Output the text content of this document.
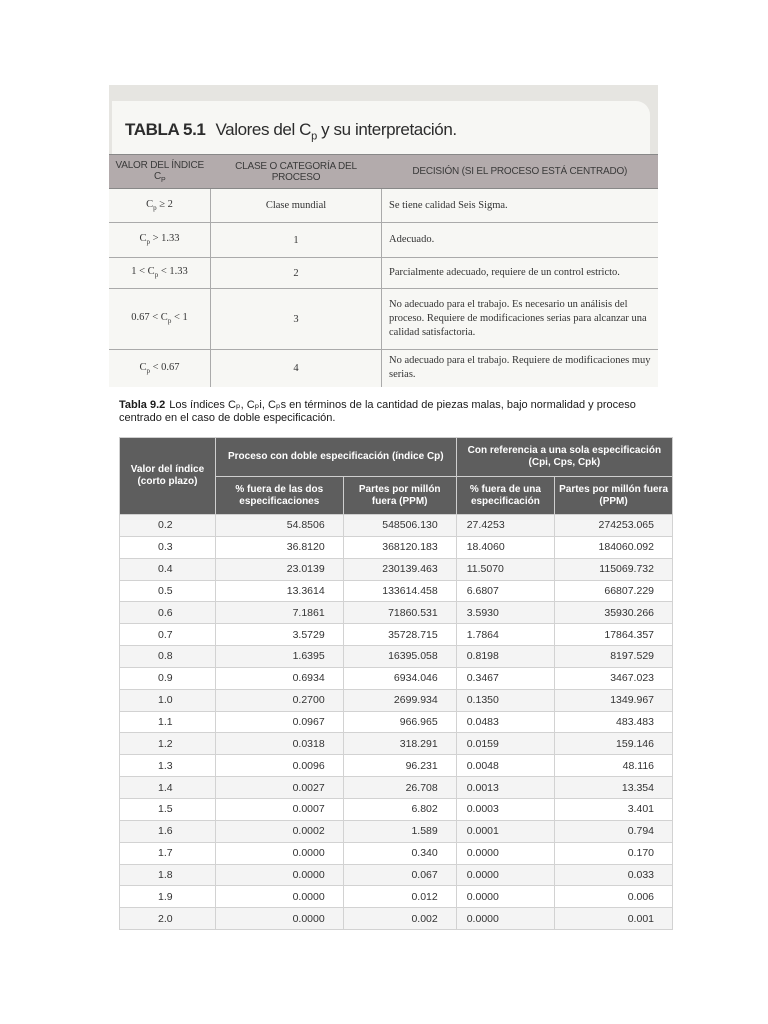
TABLA 5.1 Valores del $C_p$ y su interpretación.
VALOR DEL ÍNDICE $C_P$	CLASE O CATEGORÍA DEL PROCESO	DECISIÓN (SI EL PROCESO ESTÁ CENTRADO)
$C_p \ge 2$	Clase mundial	Se tiene calidad Seis Sigma.
$C_p > 1.33$	1	Adecuado.
$1 < C_p < 1.33$	2	Parcialmente adecuado, requiere de un control estricto.
$0.67 < C_p < 1$	3	No adecuado para el trabajo. Es necesario un análisis del proceso. Requiere de modificaciones serias para alcanzar una calidad satisfactoria.
$C_p < 0.67$	4	No adecuado para el trabajo. Requiere de modificaciones muy serias.
Tabla 9.2 Los índices Cₚ, Cₚi, Cₚs en términos de la cantidad de piezas malas, bajo normalidad y proceso centrado en el caso de doble especificación.
Valor del índice (corto plazo)	Proceso con doble especificación (índice Cp)		Con referencia a una sola especificación (Cpi, Cps, Cpk)	
	% fuera de las dos especificaciones	Partes por millón fuera (PPM)	% fuera de una especificación	Partes por millón fuera (PPM)
0.2	54.8506	548506.130	27.4253	274253.065
0.3	36.8120	368120.183	18.4060	184060.092
0.4	23.0139	230139.463	11.5070	115069.732
0.5	13.3614	133614.458	6.6807	66807.229
0.6	7.1861	71860.531	3.5930	35930.266
0.7	3.5729	35728.715	1.7864	17864.357
0.8	1.6395	16395.058	0.8198	8197.529
0.9	0.6934	6934.046	0.3467	3467.023
1.0	0.2700	2699.934	0.1350	1349.967
1.1	0.0967	966.965	0.0483	483.483
1.2	0.0318	318.291	0.0159	159.146
1.3	0.0096	96.231	0.0048	48.116
1.4	0.0027	26.708	0.0013	13.354
1.5	0.0007	6.802	0.0003	3.401
1.6	0.0002	1.589	0.0001	0.794
1.7	0.0000	0.340	0.0000	0.170
1.8	0.0000	0.067	0.0000	0.033
1.9	0.0000	0.012	0.0000	0.006
2.0	0.0000	0.002	0.0000	0.001
